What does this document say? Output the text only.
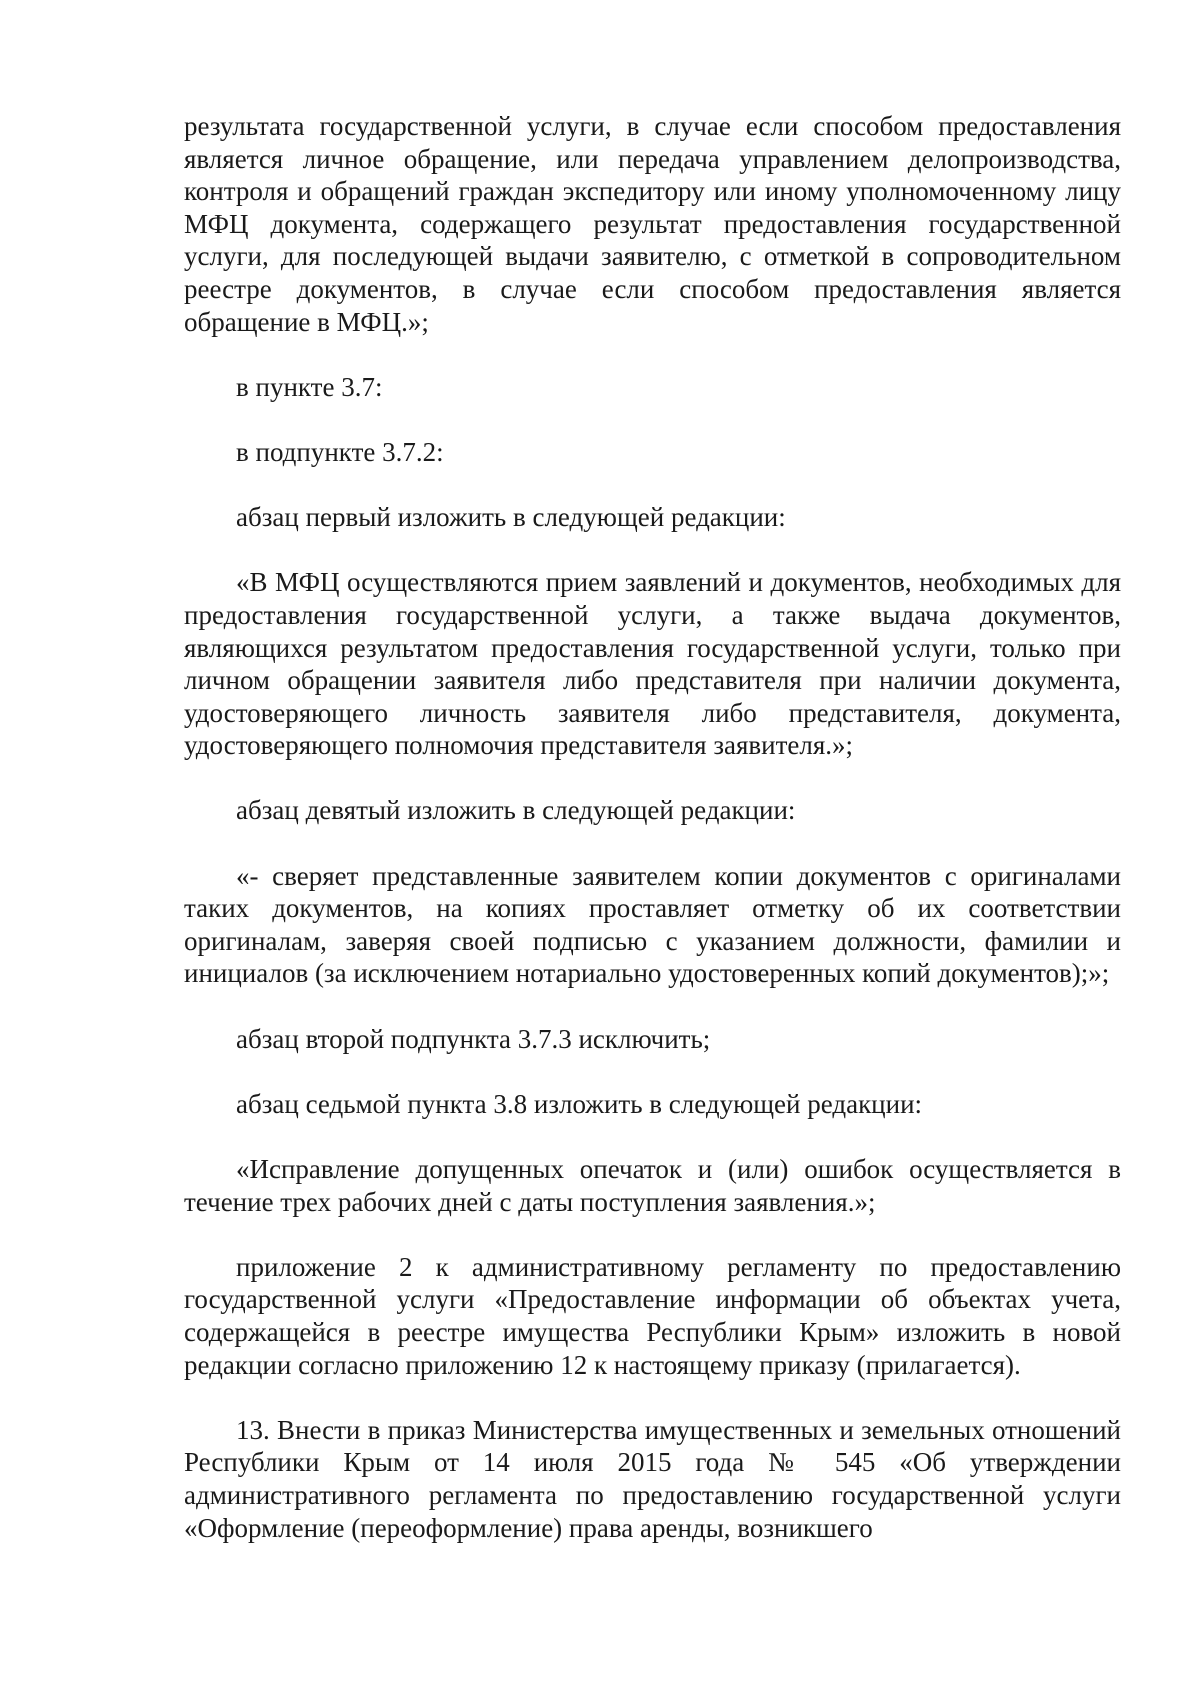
результата государственной услуги, в случае если способом предоставления является личное обращение, или передача управлением делопроизводства, контроля и обращений граждан экспедитору или иному уполномоченному лицу МФЦ документа, содержащего результат предоставления государственной услуги, для последующей выдачи заявителю, с отметкой в сопроводительном реестре документов, в случае если способом предоставления является обращение в МФЦ.»;

в пункте 3.7:

в подпункте 3.7.2:

абзац первый изложить в следующей редакции:

«В МФЦ осуществляются прием заявлений и документов, необходимых для предоставления государственной услуги, а также выдача документов, являющихся результатом предоставления государственной услуги, только при личном обращении заявителя либо представителя при наличии документа, удостоверяющего личность заявителя либо представителя, документа, удостоверяющего полномочия представителя заявителя.»;

абзац девятый изложить в следующей редакции:

«- сверяет представленные заявителем копии документов с оригиналами таких документов, на копиях проставляет отметку об их соответствии оригиналам, заверяя своей подписью с указанием должности, фамилии и инициалов (за исключением нотариально удостоверенных копий документов);»;

абзац второй подпункта 3.7.3 исключить;

абзац седьмой пункта 3.8 изложить в следующей редакции:

«Исправление допущенных опечаток и (или) ошибок осуществляется в течение трех рабочих дней с даты поступления заявления.»;

приложение 2 к административному регламенту по предоставлению государственной услуги «Предоставление информации об объектах учета, содержащейся в реестре имущества Республики Крым» изложить в новой редакции согласно приложению 12 к настоящему приказу (прилагается).

13. Внести в приказ Министерства имущественных и земельных отношений Республики Крым от 14 июля 2015 года № 545 «Об утверждении административного регламента по предоставлению государственной услуги «Оформление (переоформление) права аренды, возникшего
